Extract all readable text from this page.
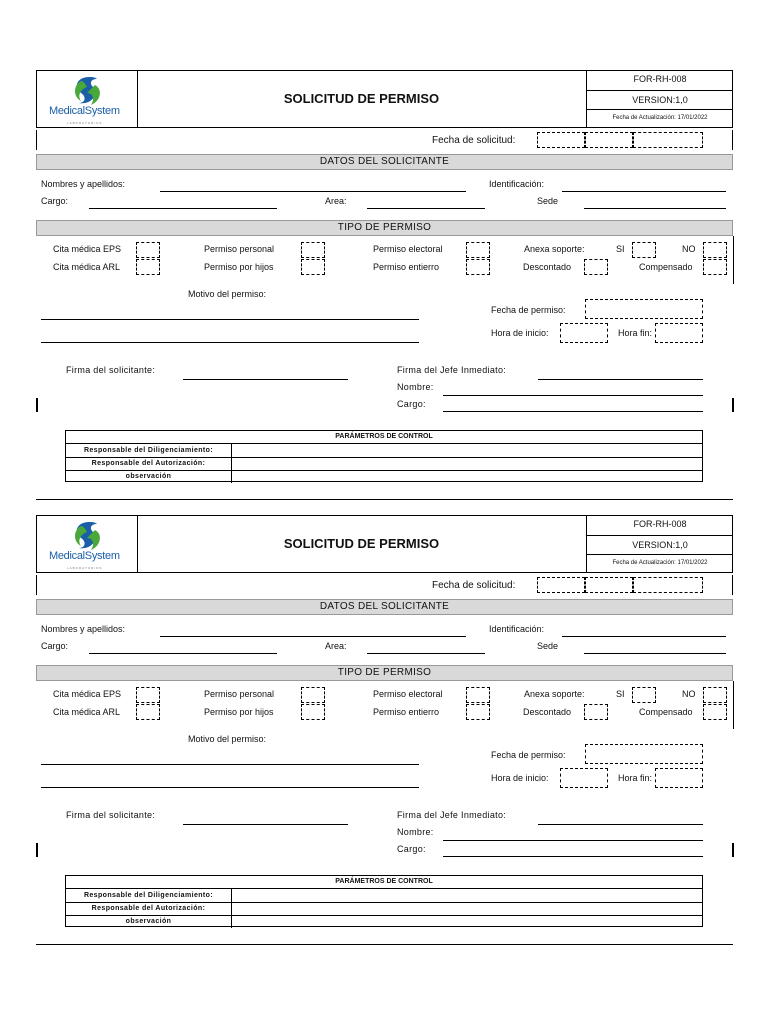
MedicalSystem
LABORATORIOS
SOLICITUD DE PERMISO
FOR-RH-008
VERSION:1,0
Fecha de Actualización: 17/01/2022
Fecha de solicitud:
DATOS DEL SOLICITANTE
Nombres y apellidos:	Identificación:
Cargo:	Area:	Sede
TIPO DE PERMISO
Cita médica EPS	Permiso personal	Permiso electoral	Anexa soporte:	SI	NO
Cita médica ARL	Permiso por hijos	Permiso entierro	Descontado	Compensado
Motivo del permiso:
Fecha de permiso:
Hora de inicio:	Hora fin:
Firma del solicitante:	Firma del Jefe Inmediato:
Nombre:
Cargo:
PARÁMETROS DE CONTROL
Responsable del Diligenciamiento:
Responsable del Autorización:
observación
MedicalSystem
LABORATORIOS
SOLICITUD DE PERMISO
FOR-RH-008
VERSION:1,0
Fecha de Actualización: 17/01/2022
Fecha de solicitud:
DATOS DEL SOLICITANTE
Nombres y apellidos:	Identificación:
Cargo:	Area:	Sede
TIPO DE PERMISO
Cita médica EPS	Permiso personal	Permiso electoral	Anexa soporte:	SI	NO
Cita médica ARL	Permiso por hijos	Permiso entierro	Descontado	Compensado
Motivo del permiso:
Fecha de permiso:
Hora de inicio:	Hora fin:
Firma del solicitante:	Firma del Jefe Inmediato:
Nombre:
Cargo:
PARÁMETROS DE CONTROL
Responsable del Diligenciamiento:
Responsable del Autorización:
observación
